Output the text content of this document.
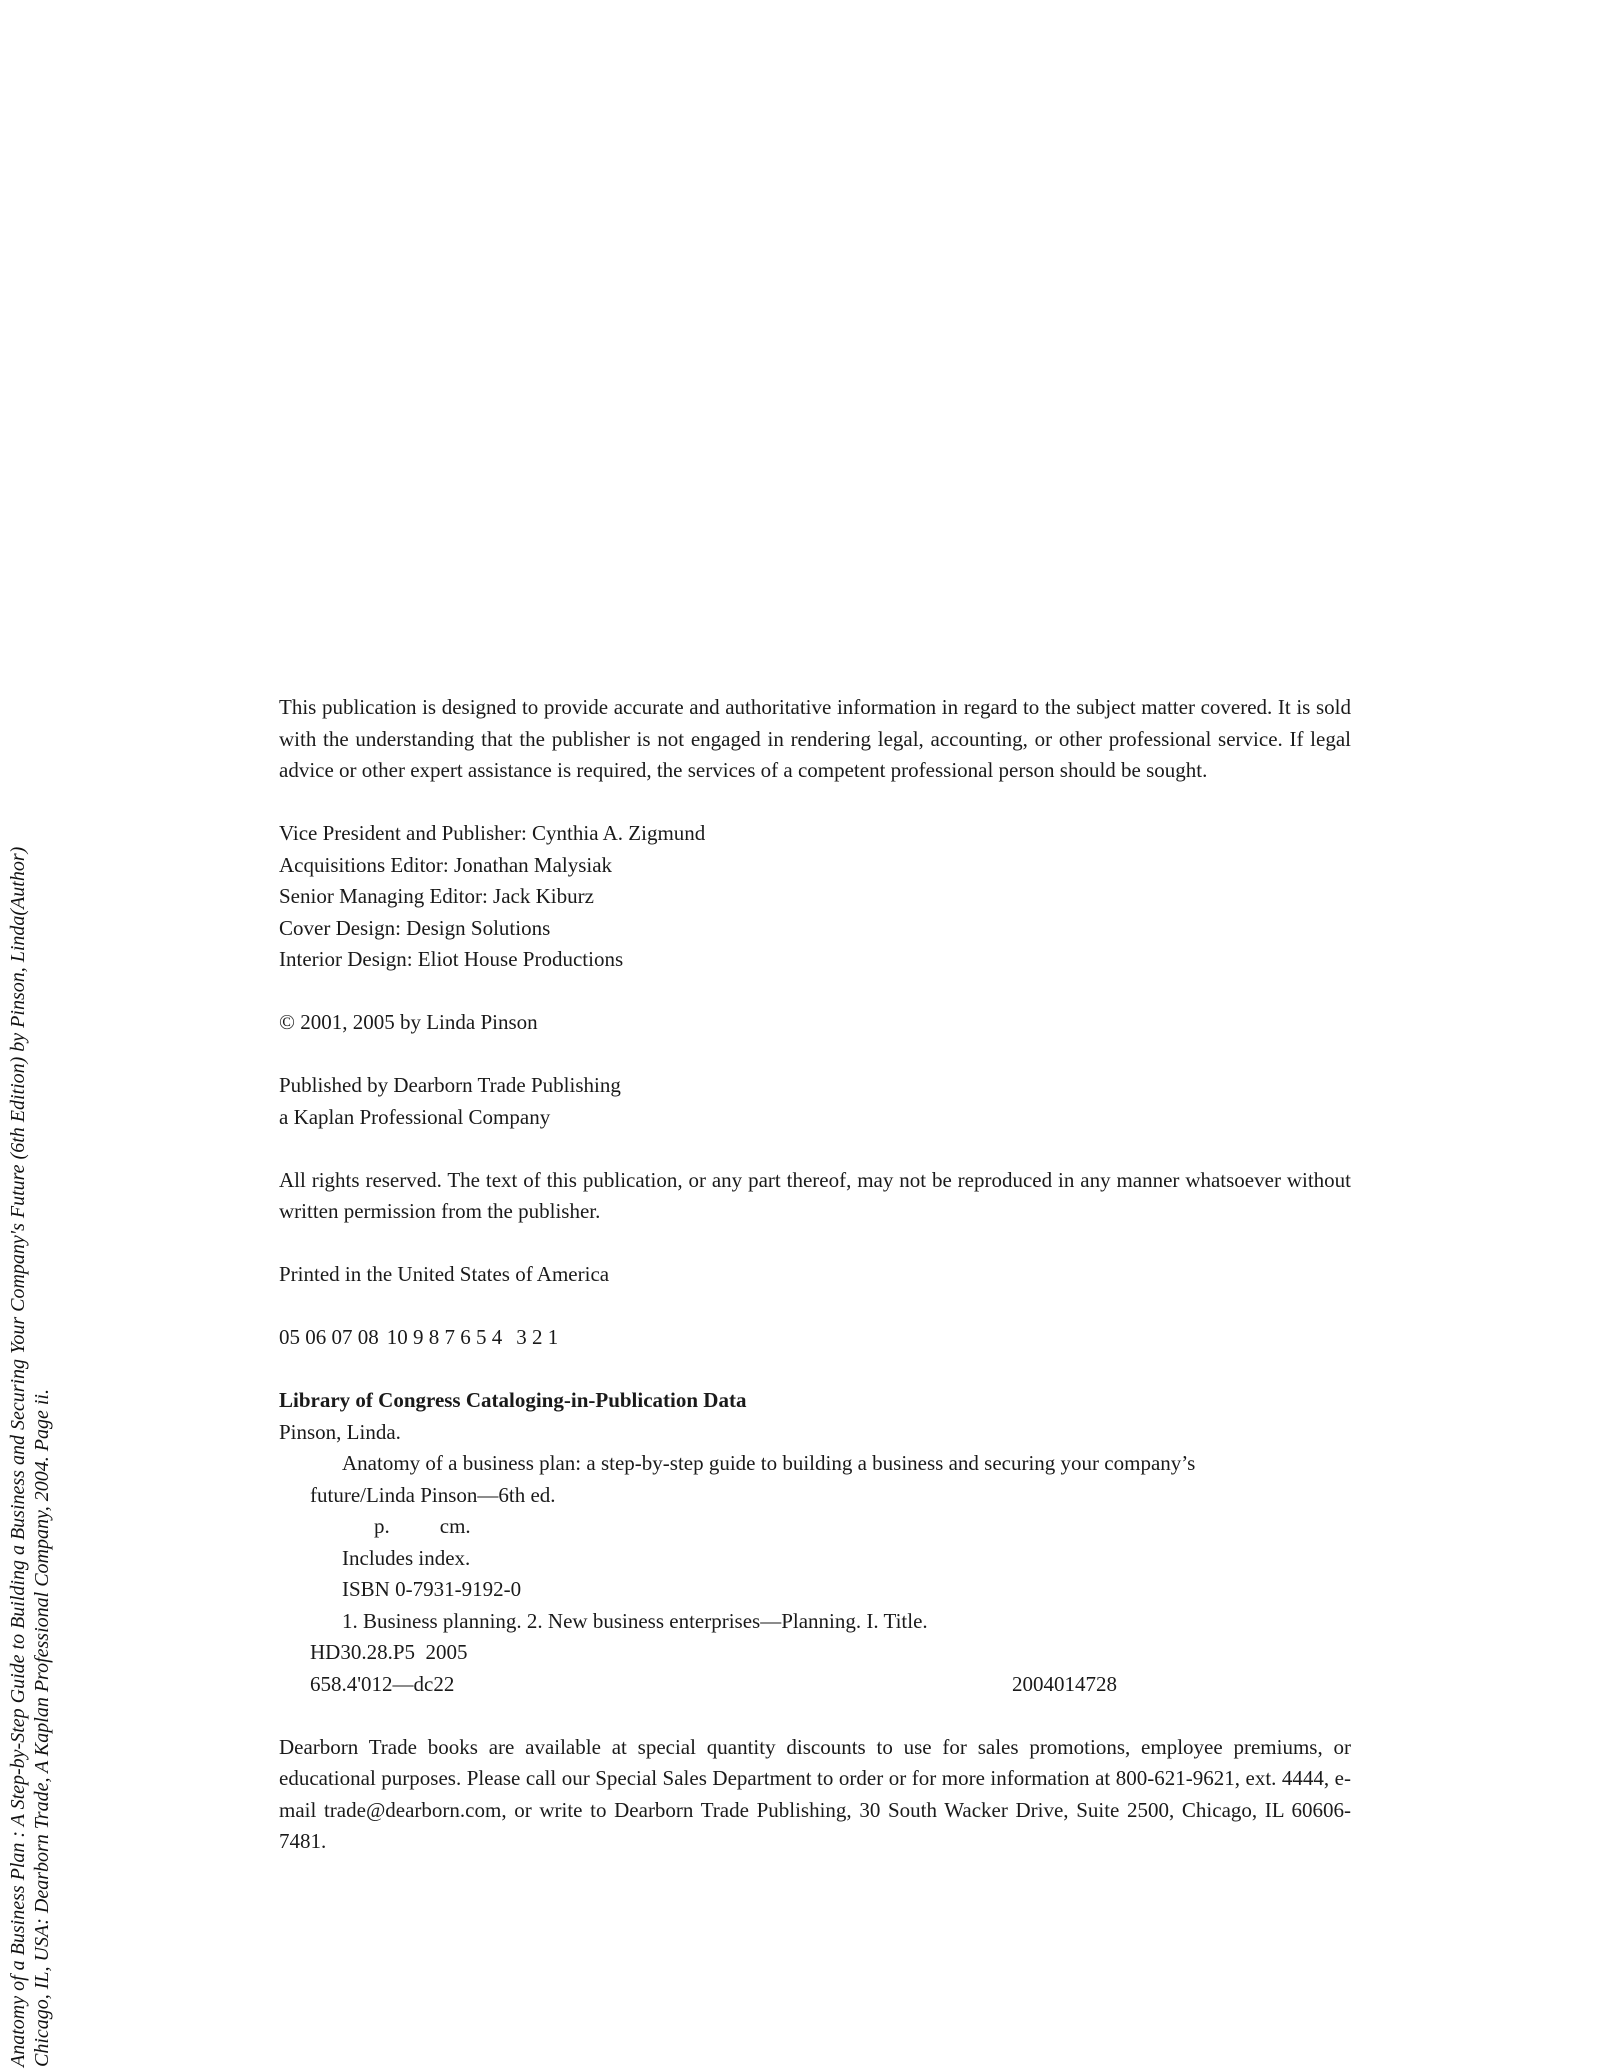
Anatomy of a Business Plan : A Step-by-Step Guide to Building a Business and Securing Your Company's Future (6th Edition) by Pinson, Linda(Author) Chicago, IL, USA: Dearborn Trade, A Kaplan Professional Company, 2004. Page ii.

This publication is designed to provide accurate and authoritative information in regard to the subject matter covered. It is sold with the understanding that the publisher is not engaged in rendering legal, accounting, or other professional service. If legal advice or other expert assistance is required, the services of a competent professional person should be sought.

Vice President and Publisher: Cynthia A. Zigmund
Acquisitions Editor: Jonathan Malysiak
Senior Managing Editor: Jack Kiburz
Cover Design: Design Solutions
Interior Design: Eliot House Productions
© 2001, 2005 by Linda Pinson
Published by Dearborn Trade Publishing
a Kaplan Professional Company

All rights reserved. The text of this publication, or any part thereof, may not be reproduced in any manner whatsoever without written permission from the publisher.

Printed in the United States of America
05 06 07 08 10 9 8 7 6 5 4 3 2 1
Library of Congress Cataloging-in-Publication Data
Pinson, Linda.
Anatomy of a business plan: a step-by-step guide to building a business and securing your company’s
future/Linda Pinson—6th ed.
p. cm.
Includes index.
ISBN 0-7931-9192-0
1. Business planning. 2. New business enterprises—Planning. I. Title.
HD30.28.P5  2005
658.4'012—dc22	2004014728

Dearborn Trade books are available at special quantity discounts to use for sales promotions, employee premiums, or educational purposes. Please call our Special Sales Department to order or for more information at 800-621-9621, ext. 4444, e-mail trade@dearborn.com, or write to Dearborn Trade Publishing, 30 South Wacker Drive, Suite 2500, Chicago, IL 60606-7481.
